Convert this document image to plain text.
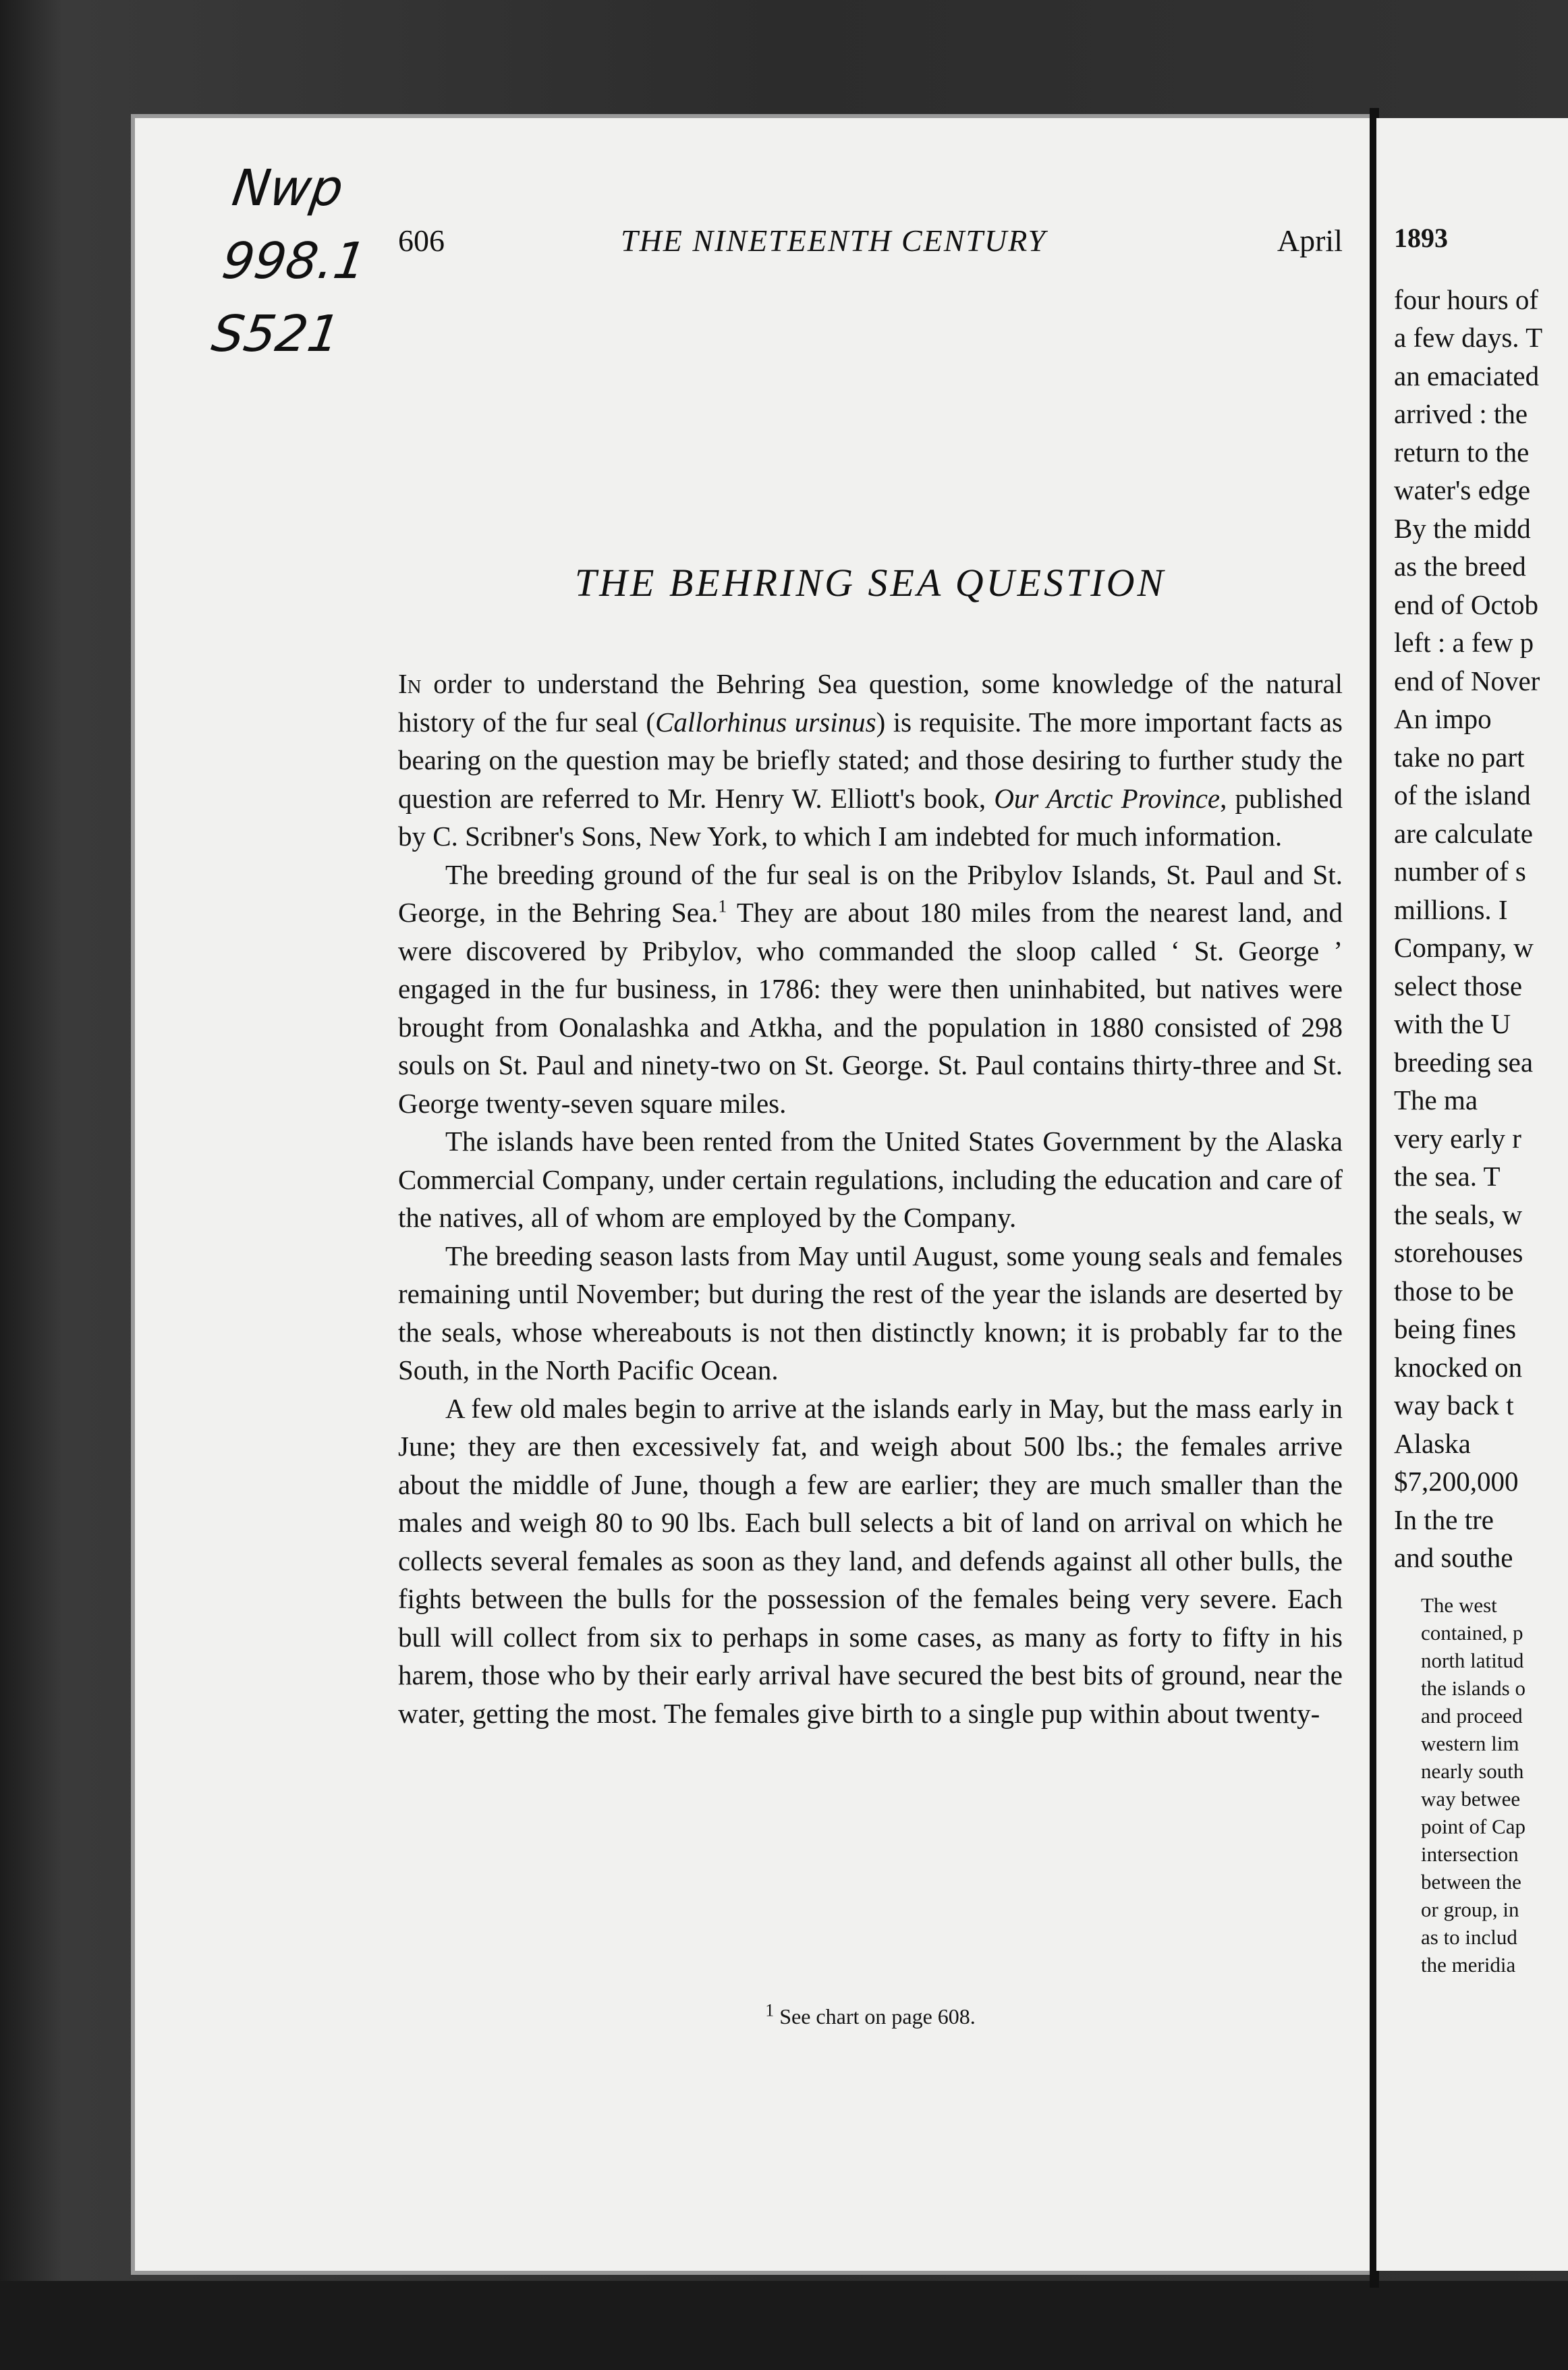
Nwp
998.1
S521
606	THE NINETEENTH CENTURY	April
THE BEHRING SEA QUESTION

In order to understand the Behring Sea question, some knowledge of the natural history of the fur seal (Callorhinus ursinus) is requisite. The more important facts as bearing on the question may be briefly stated; and those desiring to further study the question are referred to Mr. Henry W. Elliott's book, Our Arctic Province, published by C. Scribner's Sons, New York, to which I am indebted for much information.

The breeding ground of the fur seal is on the Pribylov Islands, St. Paul and St. George, in the Behring Sea.$^1$ They are about 180 miles from the nearest land, and were discovered by Pribylov, who commanded the sloop called ‘ St. George ’ engaged in the fur business, in 1786: they were then uninhabited, but natives were brought from Oonalashka and Atkha, and the population in 1880 consisted of 298 souls on St. Paul and ninety-two on St. George. St. Paul contains thirty-three and St. George twenty-seven square miles.

The islands have been rented from the United States Government by the Alaska Commercial Company, under certain regulations, including the education and care of the natives, all of whom are employed by the Company.

The breeding season lasts from May until August, some young seals and females remaining until November; but during the rest of the year the islands are deserted by the seals, whose whereabouts is not then distinctly known; it is probably far to the South, in the North Pacific Ocean.

A few old males begin to arrive at the islands early in May, but the mass early in June; they are then excessively fat, and weigh about 500 lbs.; the females arrive about the middle of June, though a few are earlier; they are much smaller than the males and weigh 80 to 90 lbs. Each bull selects a bit of land on arrival on which he collects several females as soon as they land, and defends against all other bulls, the fights between the bulls for the possession of the females being very severe. Each bull will collect from six to perhaps in some cases, as many as forty to fifty in his harem, those who by their early arrival have secured the best bits of ground, near the water, getting the most. The females give birth to a single pup within about twenty-

$^1$ See chart on page 608.
1893
four hours of
a few days. T
an emaciated
arrived : the
return to the
water's edge
By the midd
as the breed
end of Octob
left : a few p
end of Nover
An impo
take no part
of the island
are calculate
number of s
millions. I
Company, w
select those
with the U
breeding sea
The ma
very early r
the sea. T
the seals, w
storehouses
those to be
being fines
knocked on
way back t
Alaska
$7,200,000
In the tre
and southe
The west
contained, p
north latitud
the islands o
and proceed
western lim
nearly south
way betwee
point of Cap
intersection
between the
or group, in
as to includ
the meridia
